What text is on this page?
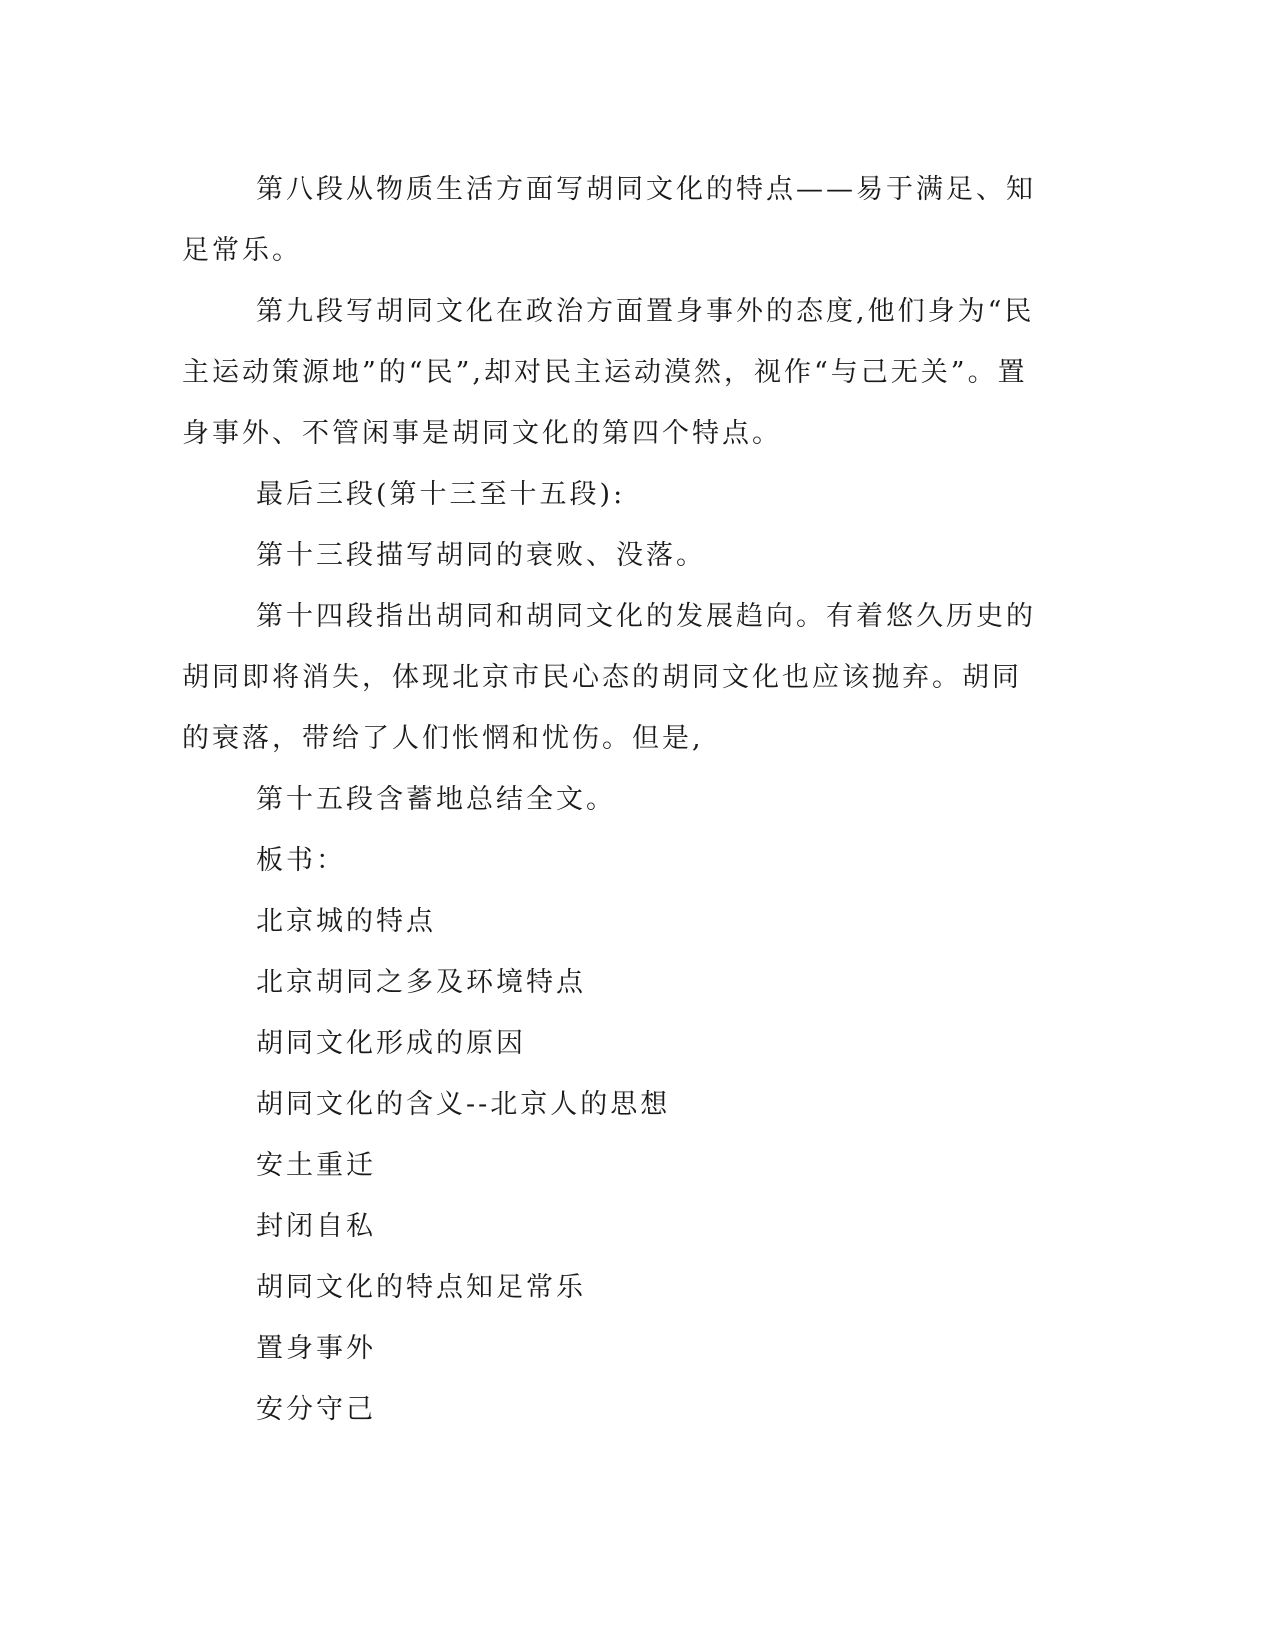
第八段从物质生活方面写胡同文化的特点——易于满足、知足常乐。

第九段写胡同文化在政治方面置身事外的态度,他们身为“民主运动策源地”的“民”,却对民主运动漠然，视作“与己无关”。置身事外、不管闲事是胡同文化的第四个特点。

最后三段(第十三至十五段):

第十三段描写胡同的衰败、没落。

第十四段指出胡同和胡同文化的发展趋向。有着悠久历史的胡同即将消失，体现北京市民心态的胡同文化也应该抛弃。胡同的衰落，带给了人们怅惘和忧伤。但是,

第十五段含蓄地总结全文。

板书：

北京城的特点

北京胡同之多及环境特点

胡同文化形成的原因

胡同文化的含义--北京人的思想

安土重迁

封闭自私

胡同文化的特点知足常乐

置身事外

安分守己
